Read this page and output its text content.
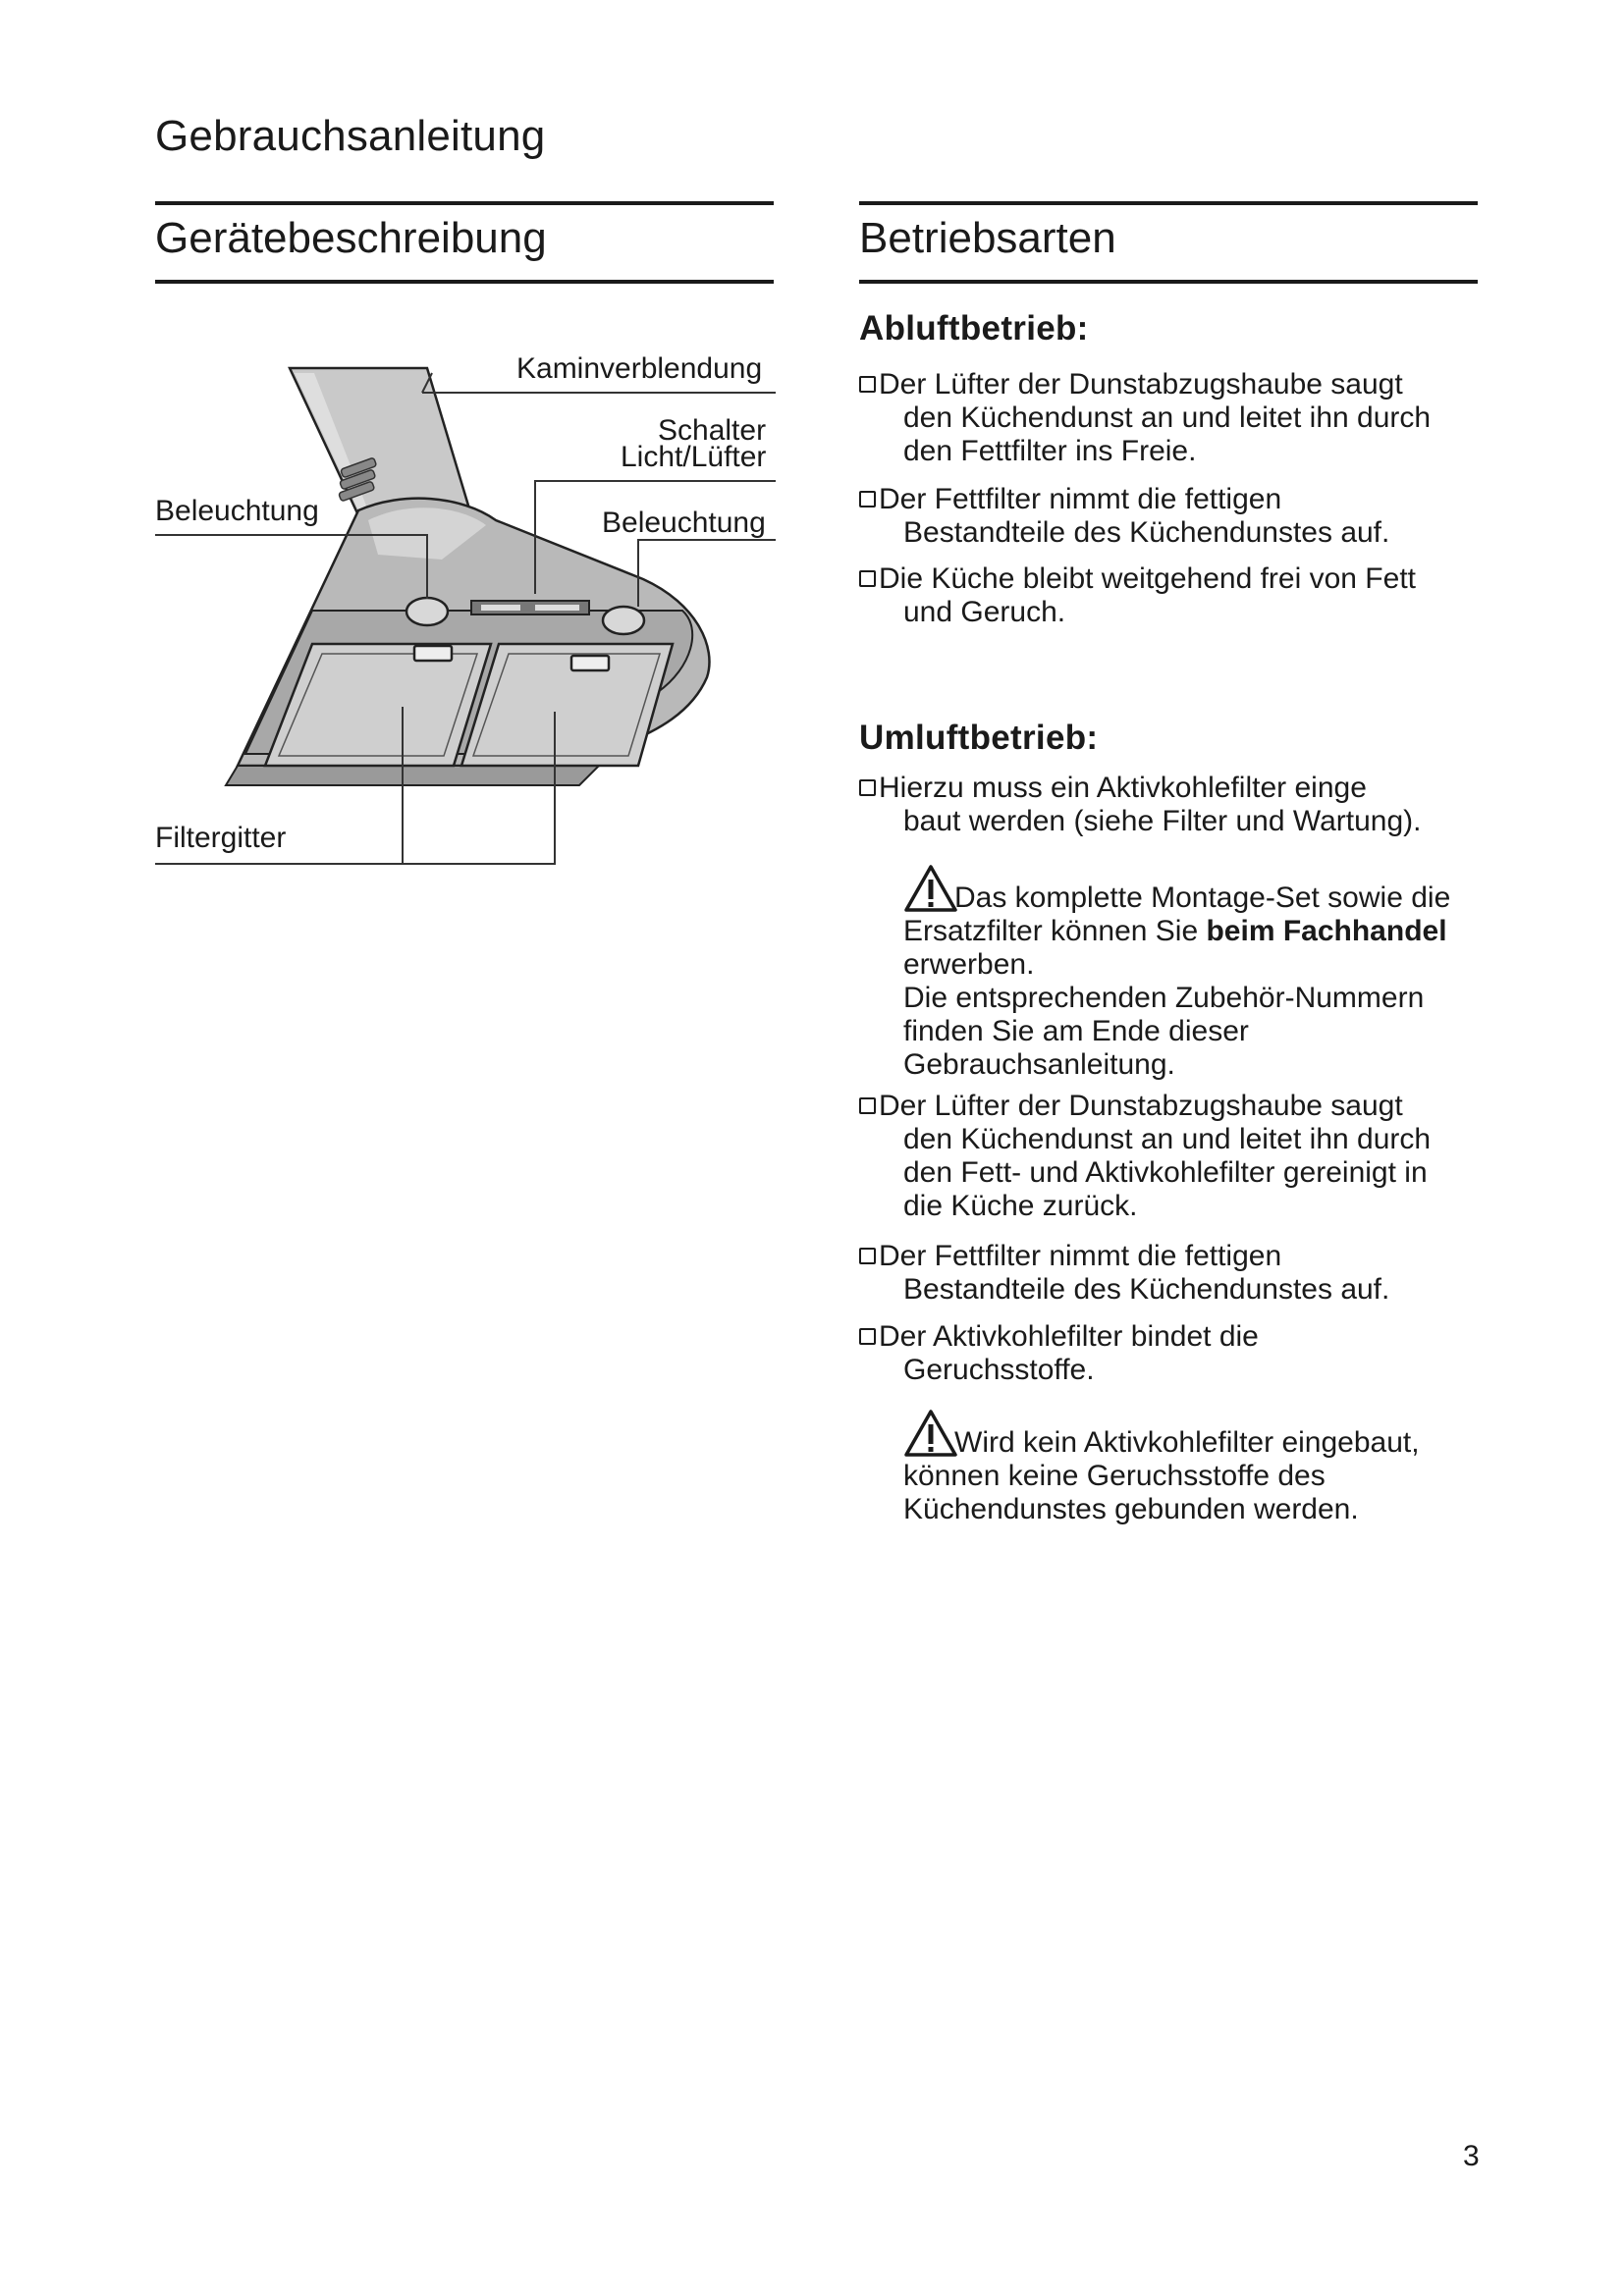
Gebrauchsanleitung
Gerätebeschreibung	Betriebsarten
Kaminverblendung
Schalter
Licht/Lüfter
Beleuchtung	Beleuchtung
Filtergitter
Abluftbetrieb:
Der Lüfter der Dunstabzugshaube saugt
den Küchendunst an und leitet ihn durch
den Fettfilter ins Freie.
Der Fettfilter nimmt die fettigen
Bestandteile des Küchendunstes auf.
Die Küche bleibt weitgehend frei von Fett
und Geruch.
Umluftbetrieb:
Hierzu muss ein Aktivkohlefilter einge
baut werden (siehe Filter und Wartung).
Das komplette Montage-Set sowie die
Ersatzfilter können Sie beim Fachhandel
erwerben.
Die entsprechenden Zubehör-Nummern
finden Sie am Ende dieser
Gebrauchsanleitung.
Der Lüfter der Dunstabzugshaube saugt
den Küchendunst an und leitet ihn durch
den Fett- und Aktivkohlefilter gereinigt in
die Küche zurück.
Der Fettfilter nimmt die fettigen
Bestandteile des Küchendunstes auf.
Der Aktivkohlefilter bindet die
Geruchsstoffe.
Wird kein Aktivkohlefilter eingebaut,
können keine Geruchsstoffe des
Küchendunstes gebunden werden.
3
